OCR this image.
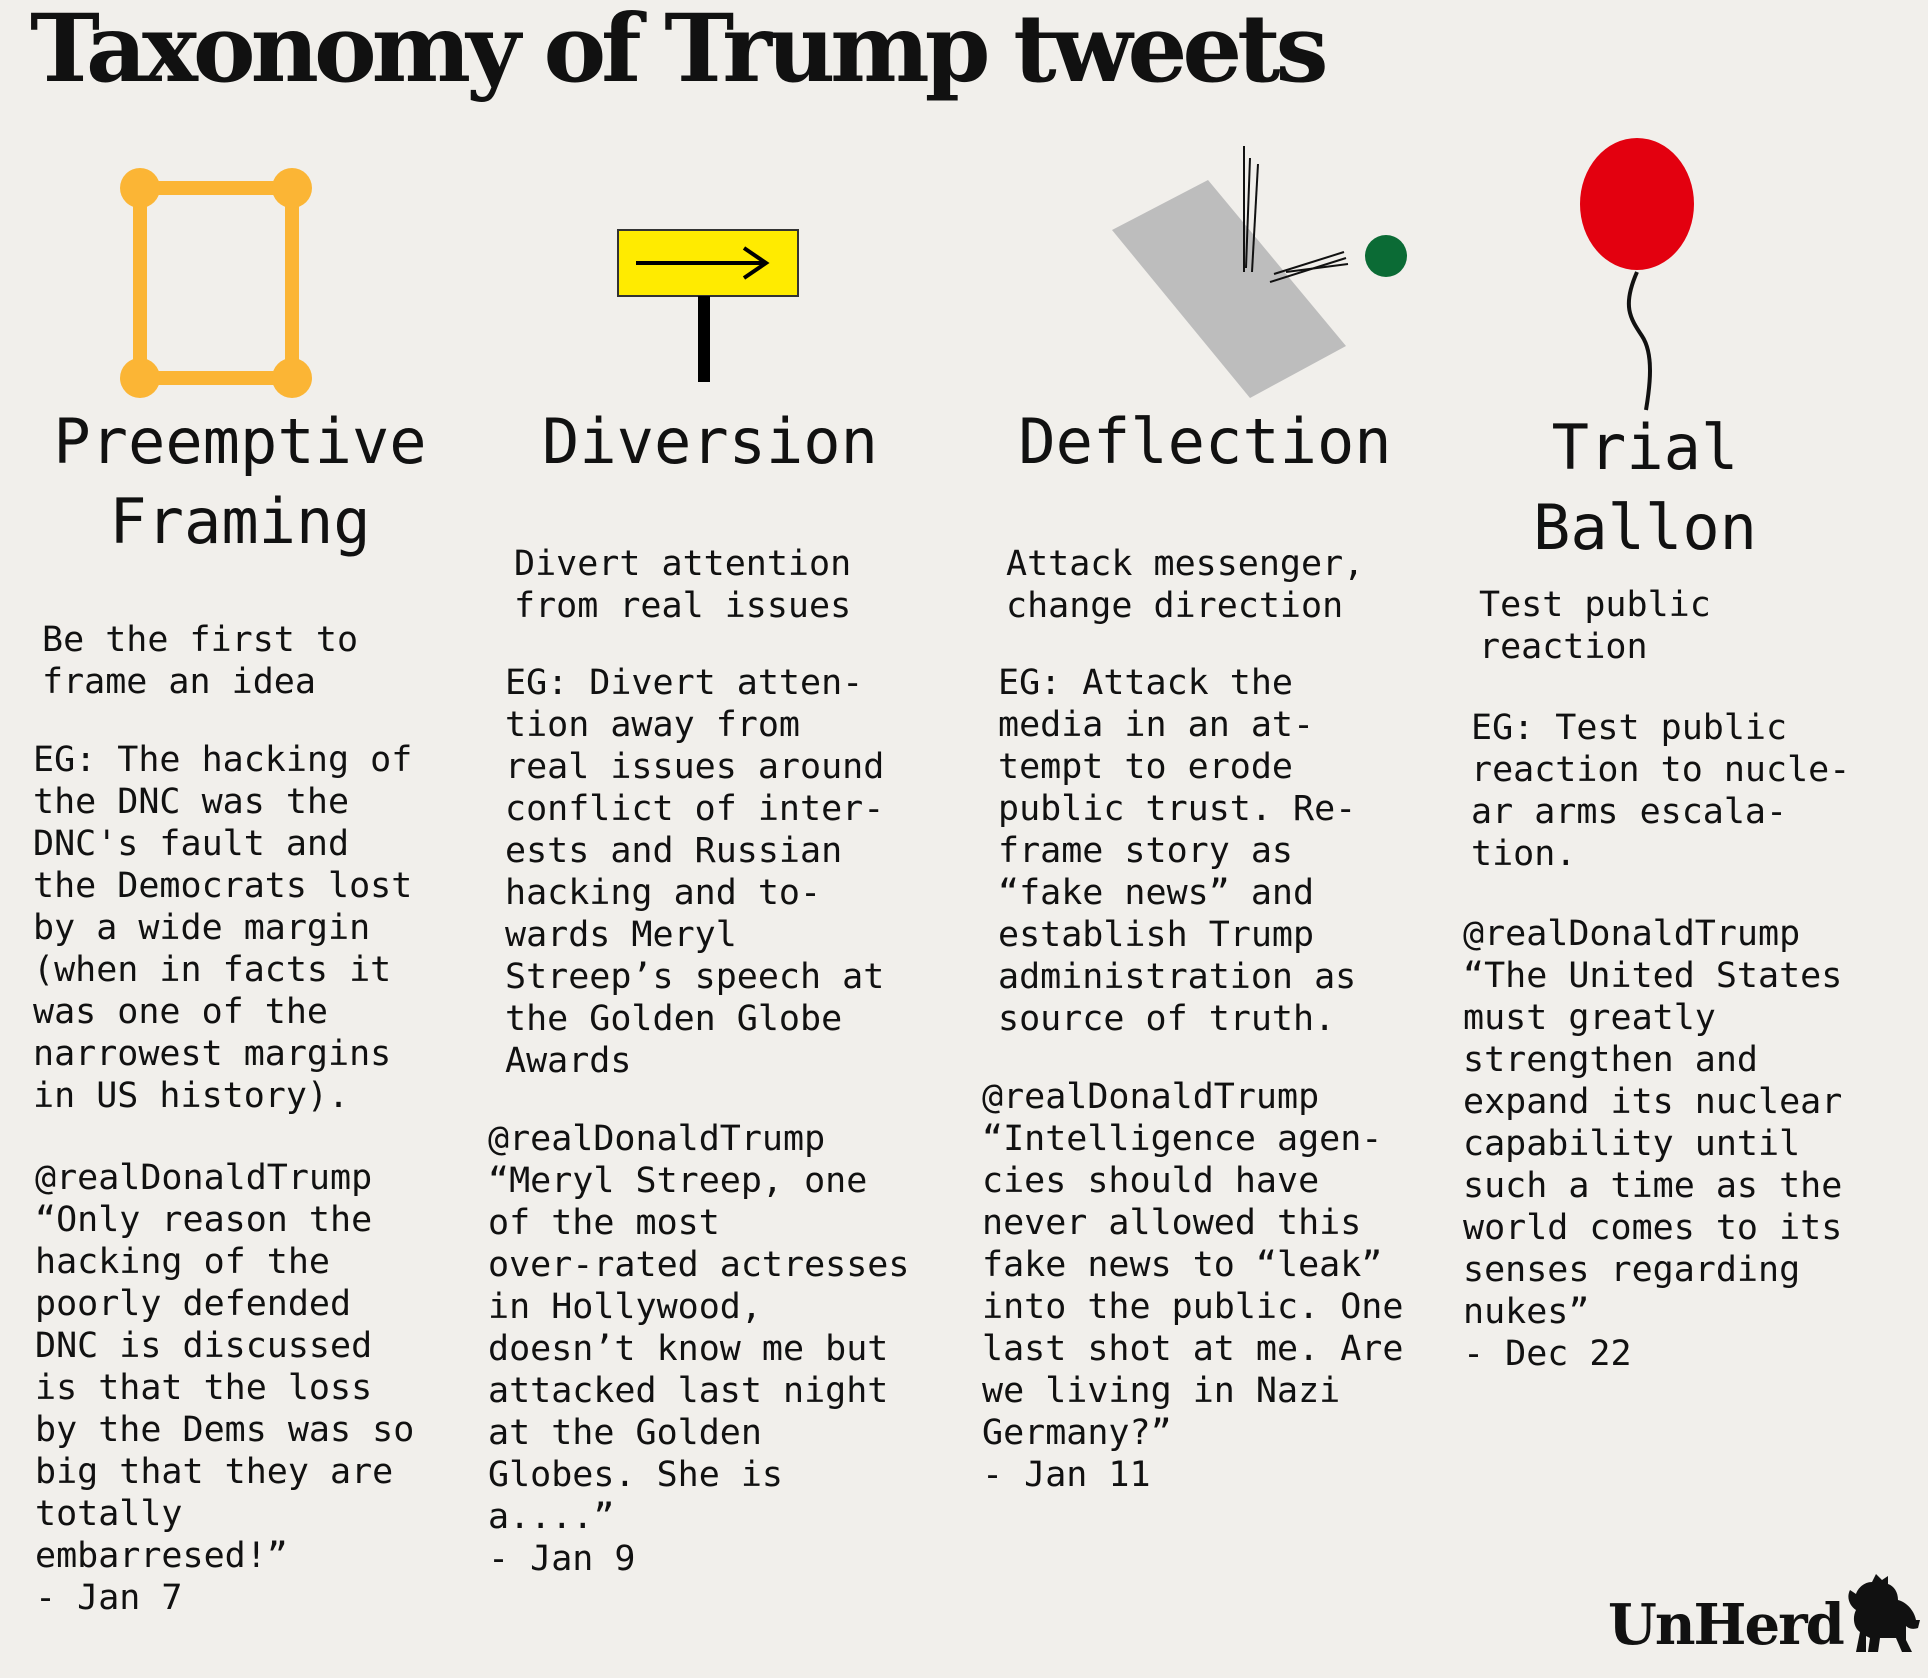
Taxonomy of Trump tweets

Preemptive
Framing

Be the first to
frame an idea

EG: The hacking of
the DNC was the
DNC's fault and
the Democrats lost
by a wide margin
(when in facts it
was one of the
narrowest margins
in US history).

@realDonaldTrump
“Only reason the
hacking of the
poorly defended
DNC is discussed
is that the loss
by the Dems was so
big that they are
totally
embarresed!”
- Jan 7

Diversion

Divert attention
from real issues

EG: Divert atten-
tion away from
real issues around
conflict of inter-
ests and Russian
hacking and to-
wards Meryl
Streep’s speech at
the Golden Globe
Awards

@realDonaldTrump
“Meryl Streep, one
of the most
over-rated actresses
in Hollywood,
doesn’t know me but
attacked last night
at the Golden
Globes. She is
a....”
- Jan 9

Deflection

Attack messenger,
change direction

EG: Attack the
media in an at-
tempt to erode
public trust. Re-
frame story as
“fake news” and
establish Trump
administration as
source of truth.

@realDonaldTrump
“Intelligence agen-
cies should have
never allowed this
fake news to “leak”
into the public. One
last shot at me. Are
we living in Nazi
Germany?”
- Jan 11

Trial
Ballon

Test public
reaction

EG: Test public
reaction to nucle-
ar arms escala-
tion.

@realDonaldTrump
“The United States
must greatly
strengthen and
expand its nuclear
capability until
such a time as the
world comes to its
senses regarding
nukes”
- Dec 22

UnHerd
